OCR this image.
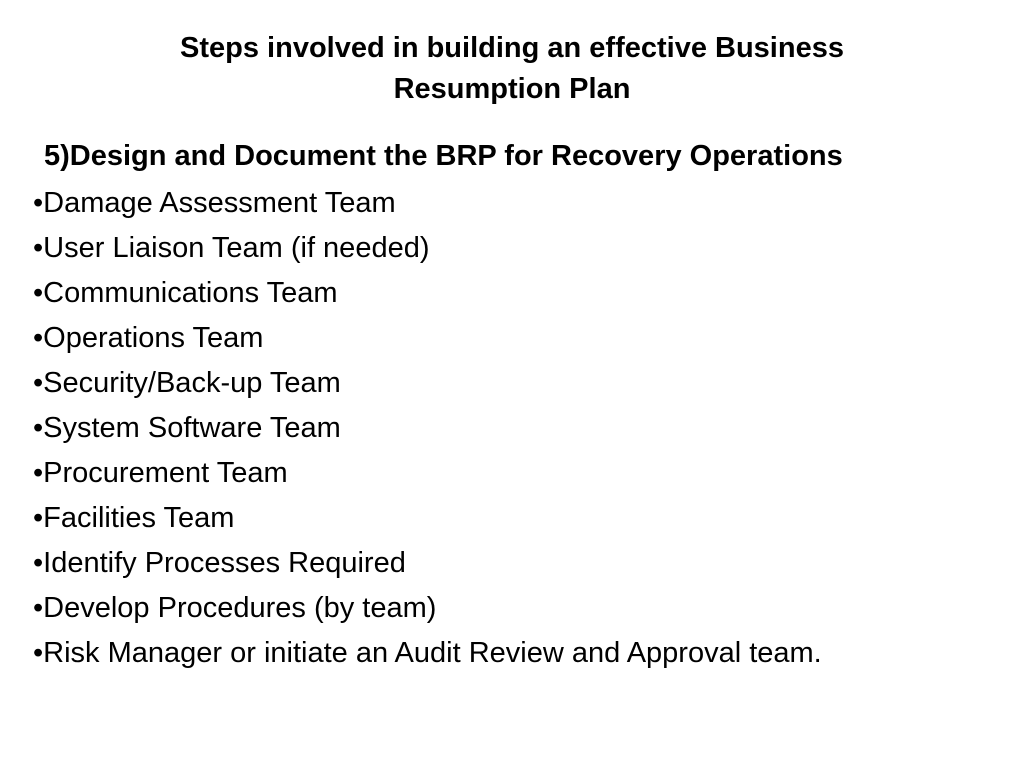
Steps involved in building an effective Business
Resumption Plan
5)Design and Document the BRP for Recovery Operations
•Damage Assessment Team
•User Liaison Team (if needed)
•Communications Team
•Operations Team
•Security/Back-up Team
•System Software Team
•Procurement Team
•Facilities Team
•Identify Processes Required
•Develop Procedures (by team)
•Risk Manager or initiate an Audit Review and Approval team.
